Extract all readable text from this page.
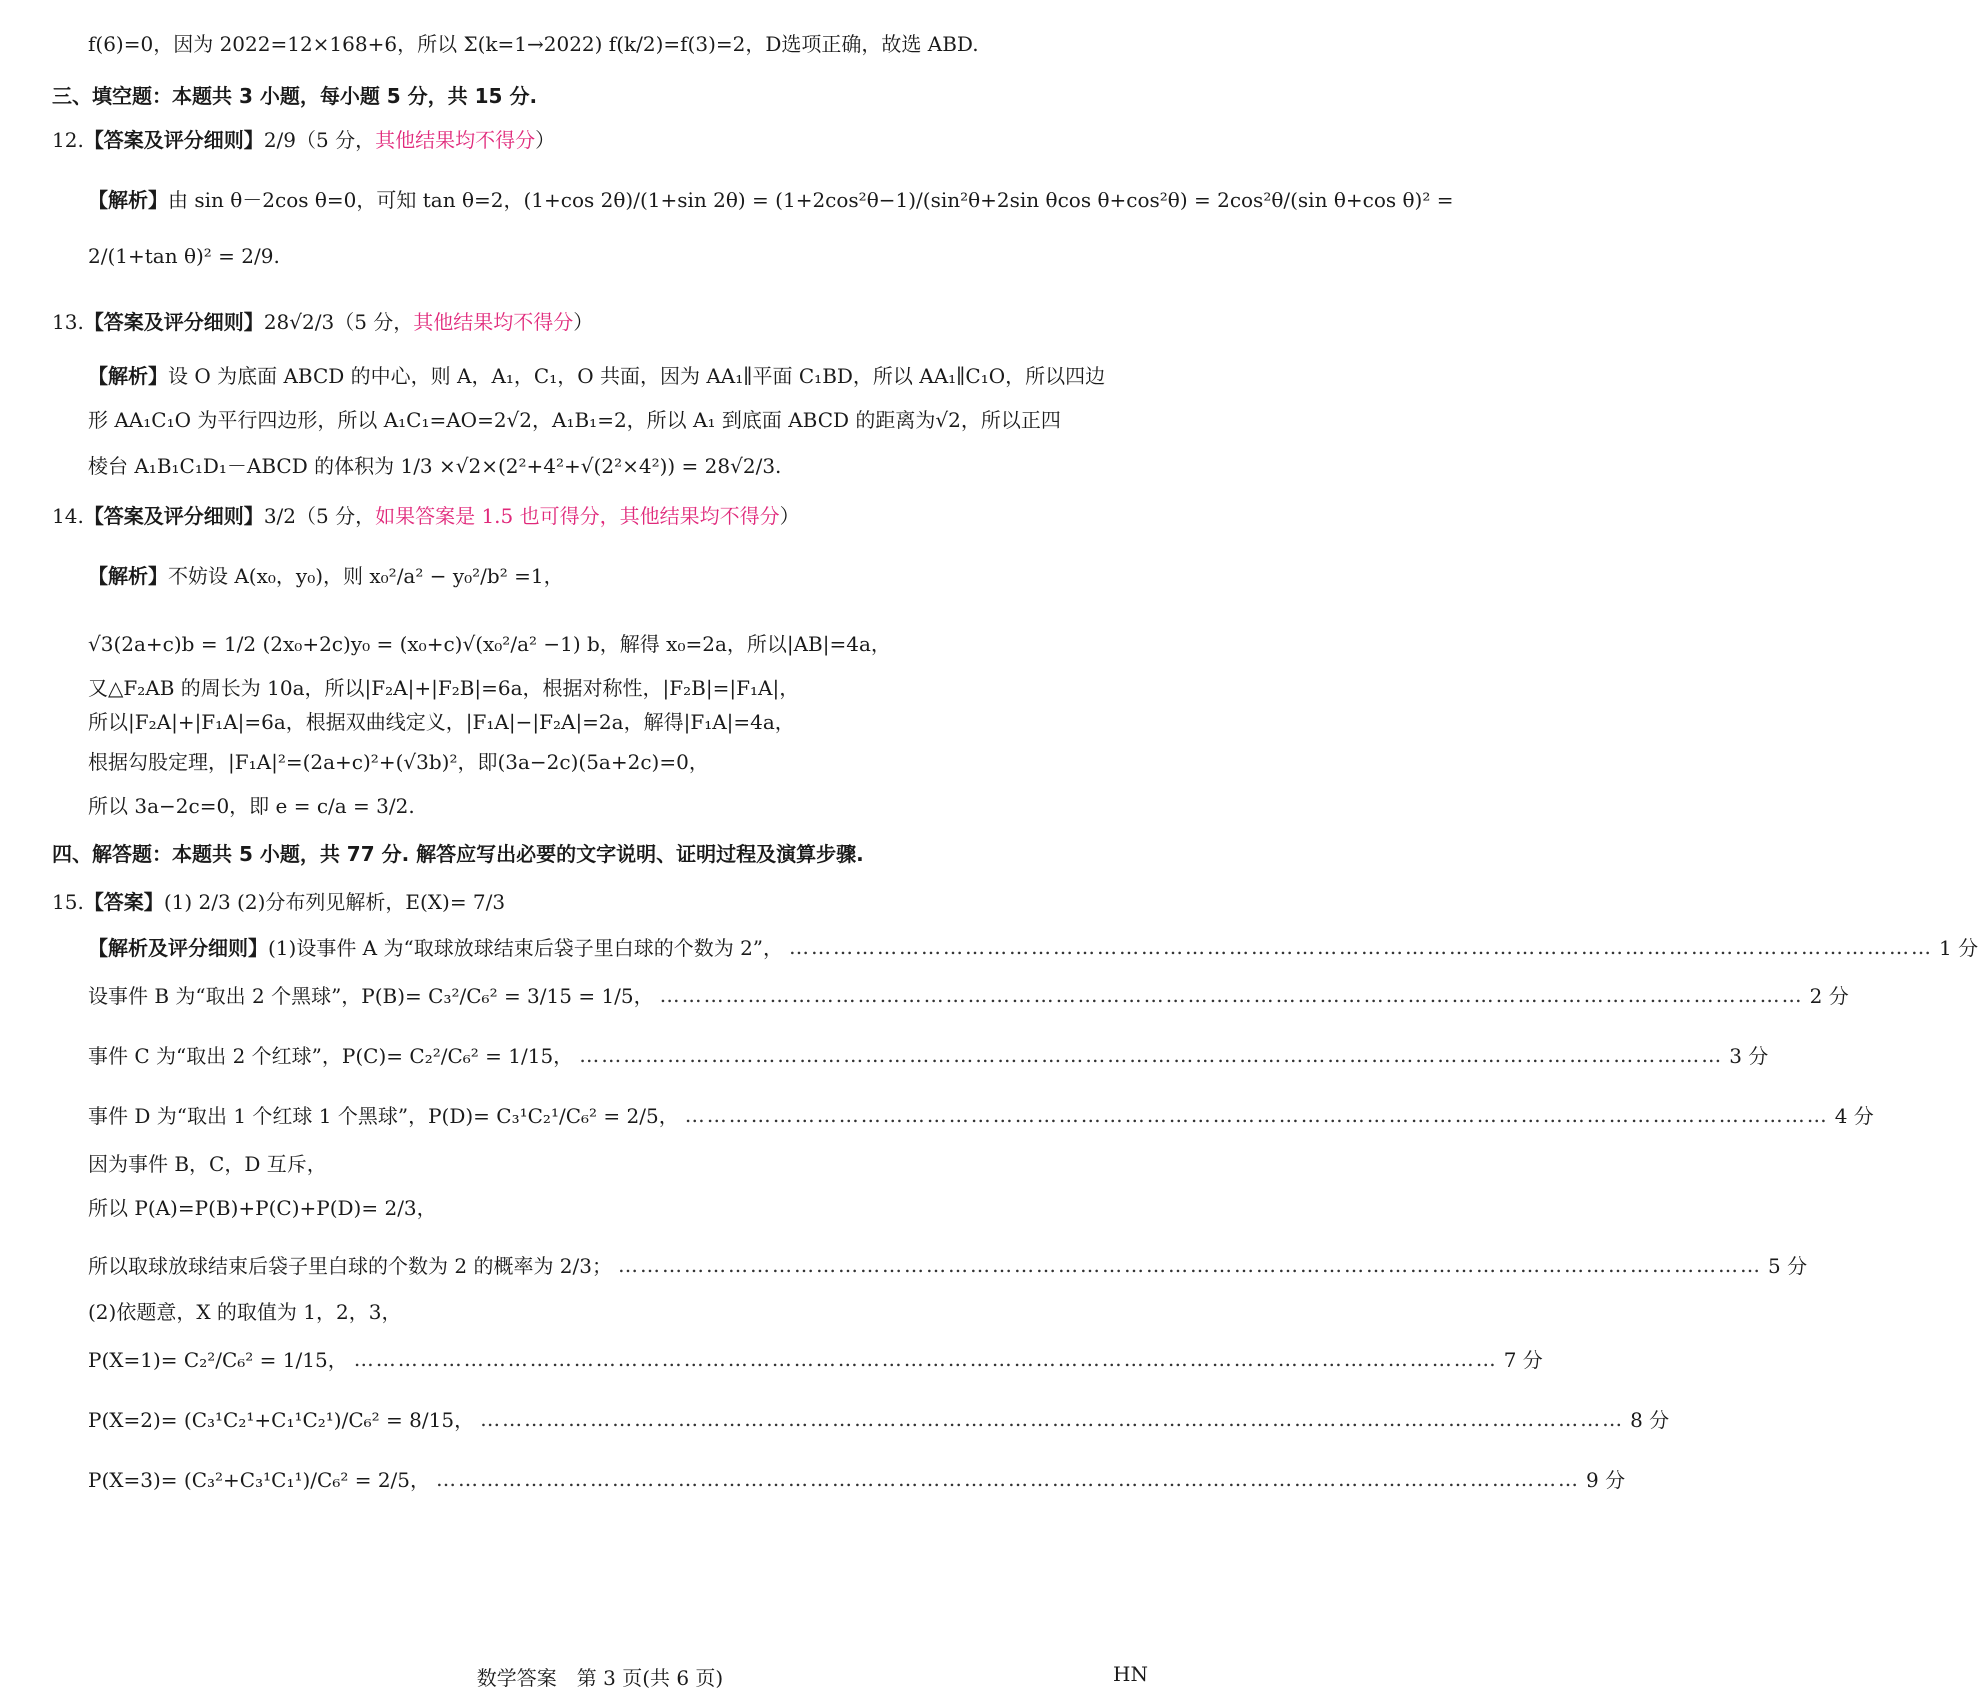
f(6)=0，因为 2022=12×168+6，所以 Σ(k=1→2022) f(k/2)=f(3)=2，D选项正确，故选 ABD.
三、填空题：本题共 3 小题，每小题 5 分，共 15 分.
12.【答案及评分细则】2/9（5 分，其他结果均不得分）
【解析】由 sin θ－2cos θ=0，可知 tan θ=2，(1+cos 2θ)/(1+sin 2θ) = (1+2cos²θ−1)/(sin²θ+2sin θcos θ+cos²θ) = 2cos²θ/(sin θ+cos θ)² =
2/(1+tan θ)² = 2/9.
13.【答案及评分细则】28√2/3（5 分，其他结果均不得分）
【解析】设 O 为底面 ABCD 的中心，则 A，A₁，C₁，O 共面，因为 AA₁∥平面 C₁BD，所以 AA₁∥C₁O，所以四边
形 AA₁C₁O 为平行四边形，所以 A₁C₁=AO=2√2，A₁B₁=2，所以 A₁ 到底面 ABCD 的距离为√2，所以正四
棱台 A₁B₁C₁D₁－ABCD 的体积为 1/3 ×√2×(2²+4²+√(2²×4²)) = 28√2/3.
14.【答案及评分细则】3/2（5 分，如果答案是 1.5 也可得分，其他结果均不得分）
【解析】不妨设 A(x₀，y₀)，则 x₀²/a² − y₀²/b² =1，
√3(2a+c)b = 1/2 (2x₀+2c)y₀ = (x₀+c)√(x₀²/a² −1) b，解得 x₀=2a，所以|AB|=4a，
又△F₂AB 的周长为 10a，所以|F₂A|+|F₂B|=6a，根据对称性，|F₂B|=|F₁A|，
所以|F₂A|+|F₁A|=6a，根据双曲线定义，|F₁A|−|F₂A|=2a，解得|F₁A|=4a，
根据勾股定理，|F₁A|²=(2a+c)²+(√3b)²，即(3a−2c)(5a+2c)=0，
所以 3a−2c=0，即 e = c/a = 3/2.
四、解答题：本题共 5 小题，共 77 分. 解答应写出必要的文字说明、证明过程及演算步骤.
15.【答案】(1) 2/3 (2)分布列见解析，E(X)= 7/3
【解析及评分细则】 (1)设事件 A 为“取球放球结束后袋子里白球的个数为 2”， ………………………………………………………………………………………………………………………………………… 1 分
设事件 B 为“取出 2 个黑球”，P(B)= C₃²/C₆² = 3/15 = 1/5， ………………………………………………………………………………………………………………………………………… 2 分
事件 C 为“取出 2 个红球”，P(C)= C₂²/C₆² = 1/15， ………………………………………………………………………………………………………………………………………… 3 分
事件 D 为“取出 1 个红球 1 个黑球”，P(D)= C₃¹C₂¹/C₆² = 2/5， ………………………………………………………………………………………………………………………………………… 4 分
因为事件 B，C，D 互斥，
所以 P(A)=P(B)+P(C)+P(D)= 2/3，
所以取球放球结束后袋子里白球的个数为 2 的概率为 2/3； ………………………………………………………………………………………………………………………………………… 5 分
(2)依题意，X 的取值为 1，2，3，
P(X=1)= C₂²/C₆² = 1/15， ………………………………………………………………………………………………………………………………………… 7 分
P(X=2)= (C₃¹C₂¹+C₁¹C₂¹)/C₆² = 8/15， ………………………………………………………………………………………………………………………………………… 8 分
P(X=3)= (C₃²+C₃¹C₁¹)/C₆² = 2/5， ………………………………………………………………………………………………………………………………………… 9 分
数学答案　第 3 页(共 6 页)	HN
